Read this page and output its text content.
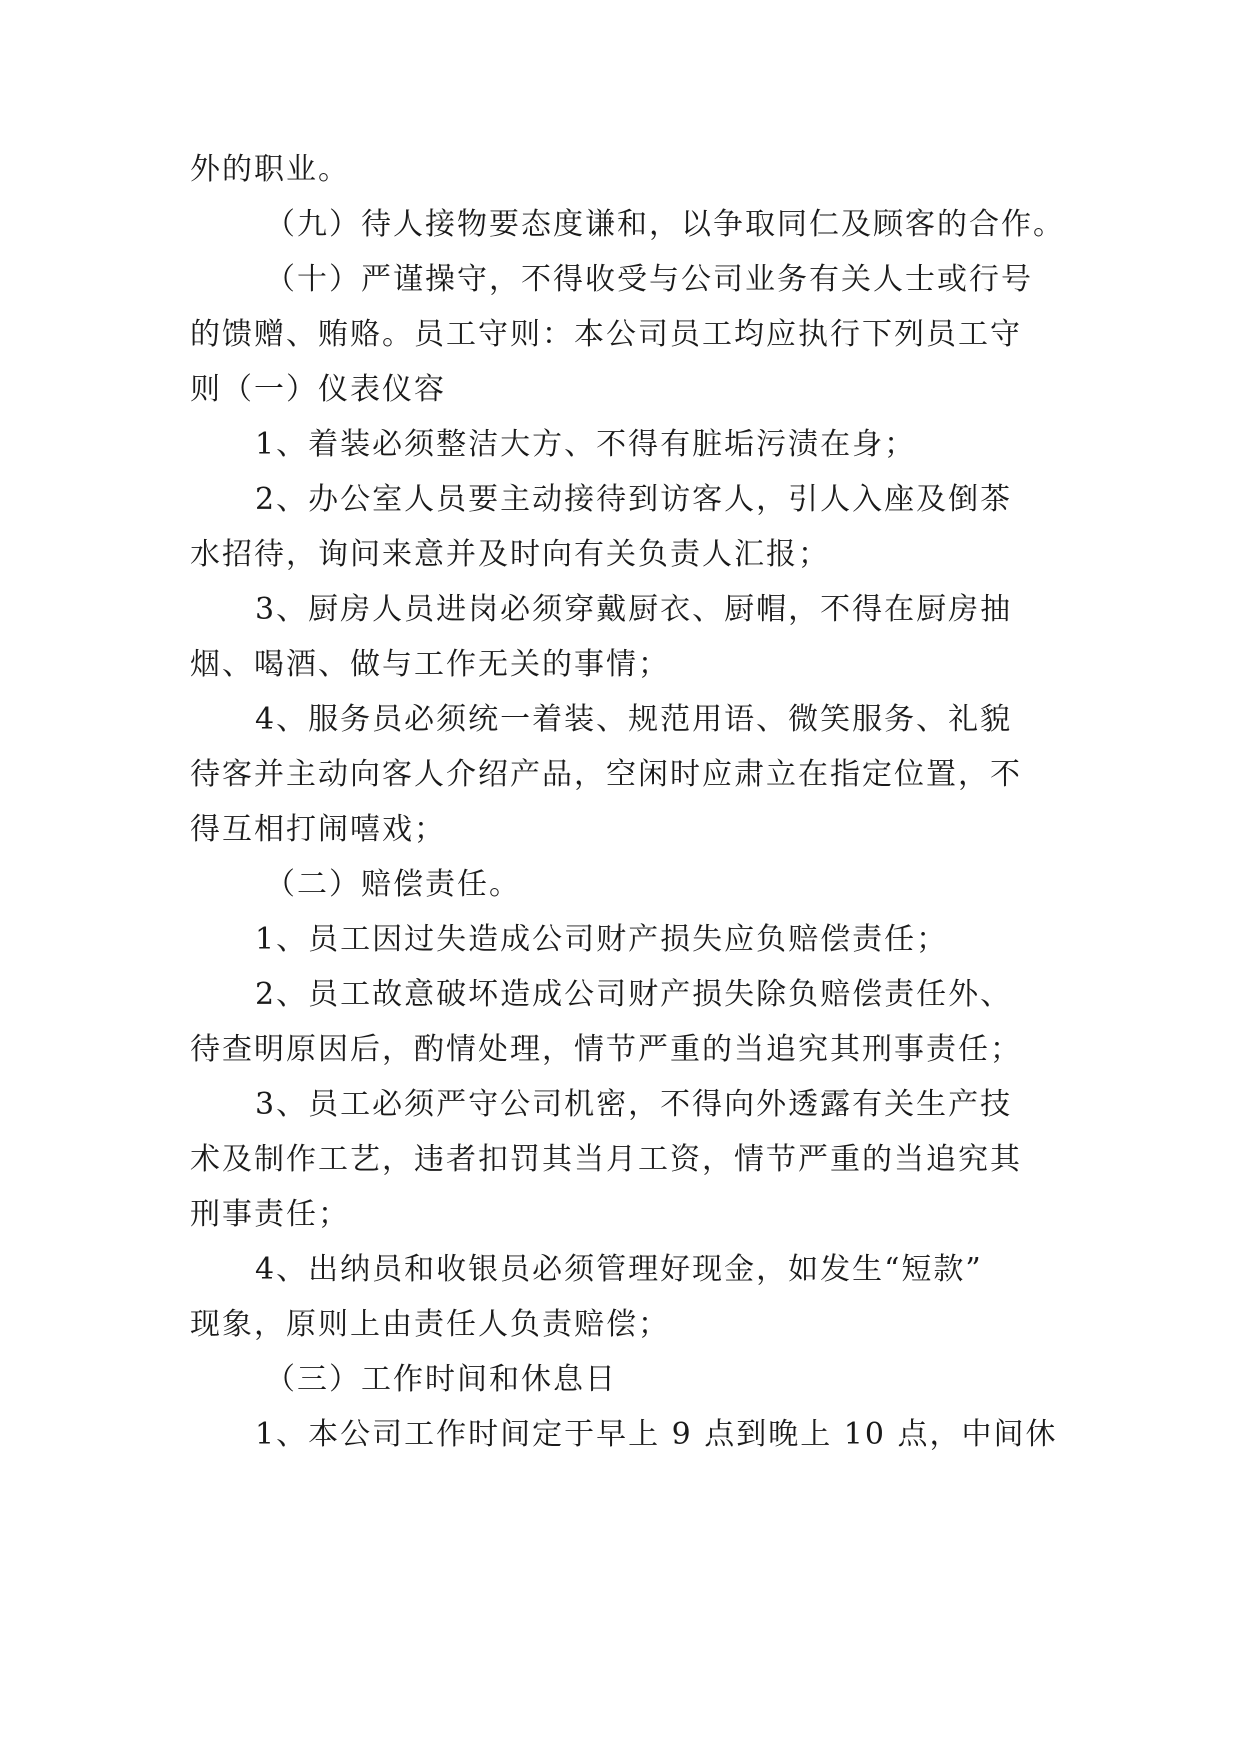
外的职业。
（九）待人接物要态度谦和，以争取同仁及顾客的合作。
（十）严谨操守，不得收受与公司业务有关人士或行号
的馈赠、贿赂。员工守则：本公司员工均应执行下列员工守
则（一）仪表仪容
1、着装必须整洁大方、不得有脏垢污渍在身；
2、办公室人员要主动接待到访客人，引人入座及倒茶
水招待，询问来意并及时向有关负责人汇报；
3、厨房人员进岗必须穿戴厨衣、厨帽，不得在厨房抽
烟、喝酒、做与工作无关的事情；
4、服务员必须统一着装、规范用语、微笑服务、礼貌
待客并主动向客人介绍产品，空闲时应肃立在指定位置，不
得互相打闹嘻戏；
（二）赔偿责任。
1、员工因过失造成公司财产损失应负赔偿责任；
2、员工故意破坏造成公司财产损失除负赔偿责任外、
待查明原因后，酌情处理，情节严重的当追究其刑事责任；
3、员工必须严守公司机密，不得向外透露有关生产技
术及制作工艺，违者扣罚其当月工资，情节严重的当追究其
刑事责任；
4、出纳员和收银员必须管理好现金，如发生“短款”
现象，原则上由责任人负责赔偿；
（三）工作时间和休息日
1、本公司工作时间定于早上 9 点到晚上 10 点，中间休
